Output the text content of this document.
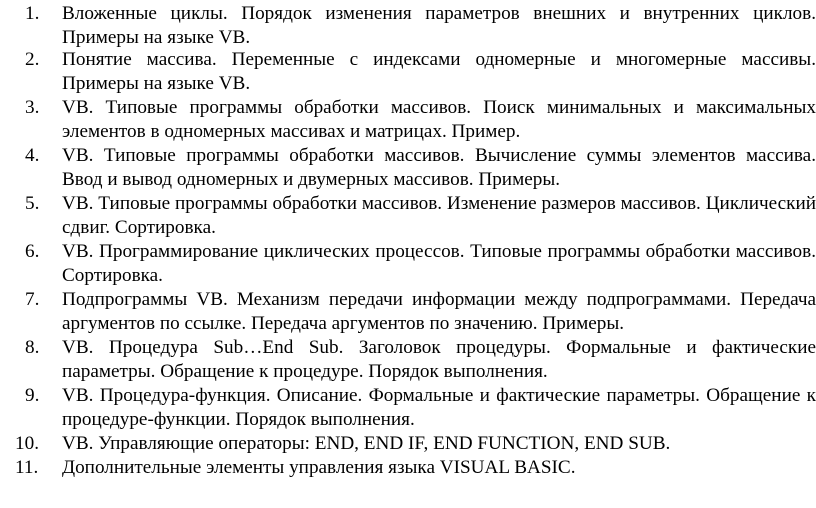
1.	Вложенные циклы. Порядок изменения параметров внешних и внутренних циклов. Примеры на языке VB.
2.	Понятие массива. Переменные с индексами одномерные и многомерные массивы. Примеры на языке VB.
3.	VB. Типовые программы обработки массивов. Поиск минимальных и максимальных элементов в одномерных массивах и матрицах. Пример.
4.	VB. Типовые программы обработки массивов. Вычисление суммы элементов массива. Ввод и вывод одномерных и двумерных массивов. Примеры.
5.	VB. Типовые программы обработки массивов. Изменение размеров массивов. Циклический сдвиг. Сортировка.
6.	VB. Программирование циклических процессов. Типовые программы обработки массивов. Сортировка.
7.	Подпрограммы VB. Механизм передачи информации между подпрограммами. Передача аргументов по ссылке. Передача аргументов по значению. Примеры.
8.	VB. Процедура Sub…End Sub. Заголовок процедуры. Формальные и фактические параметры. Обращение к процедуре. Порядок выполнения.
9.	VB. Процедура-функция. Описание. Формальные и фактические параметры. Обращение к процедуре-функции. Порядок выполнения.
10.	VB. Управляющие операторы: END, END IF, END FUNCTION, END SUB.
11.	Дополнительные элементы управления языка VISUAL BASIC.
